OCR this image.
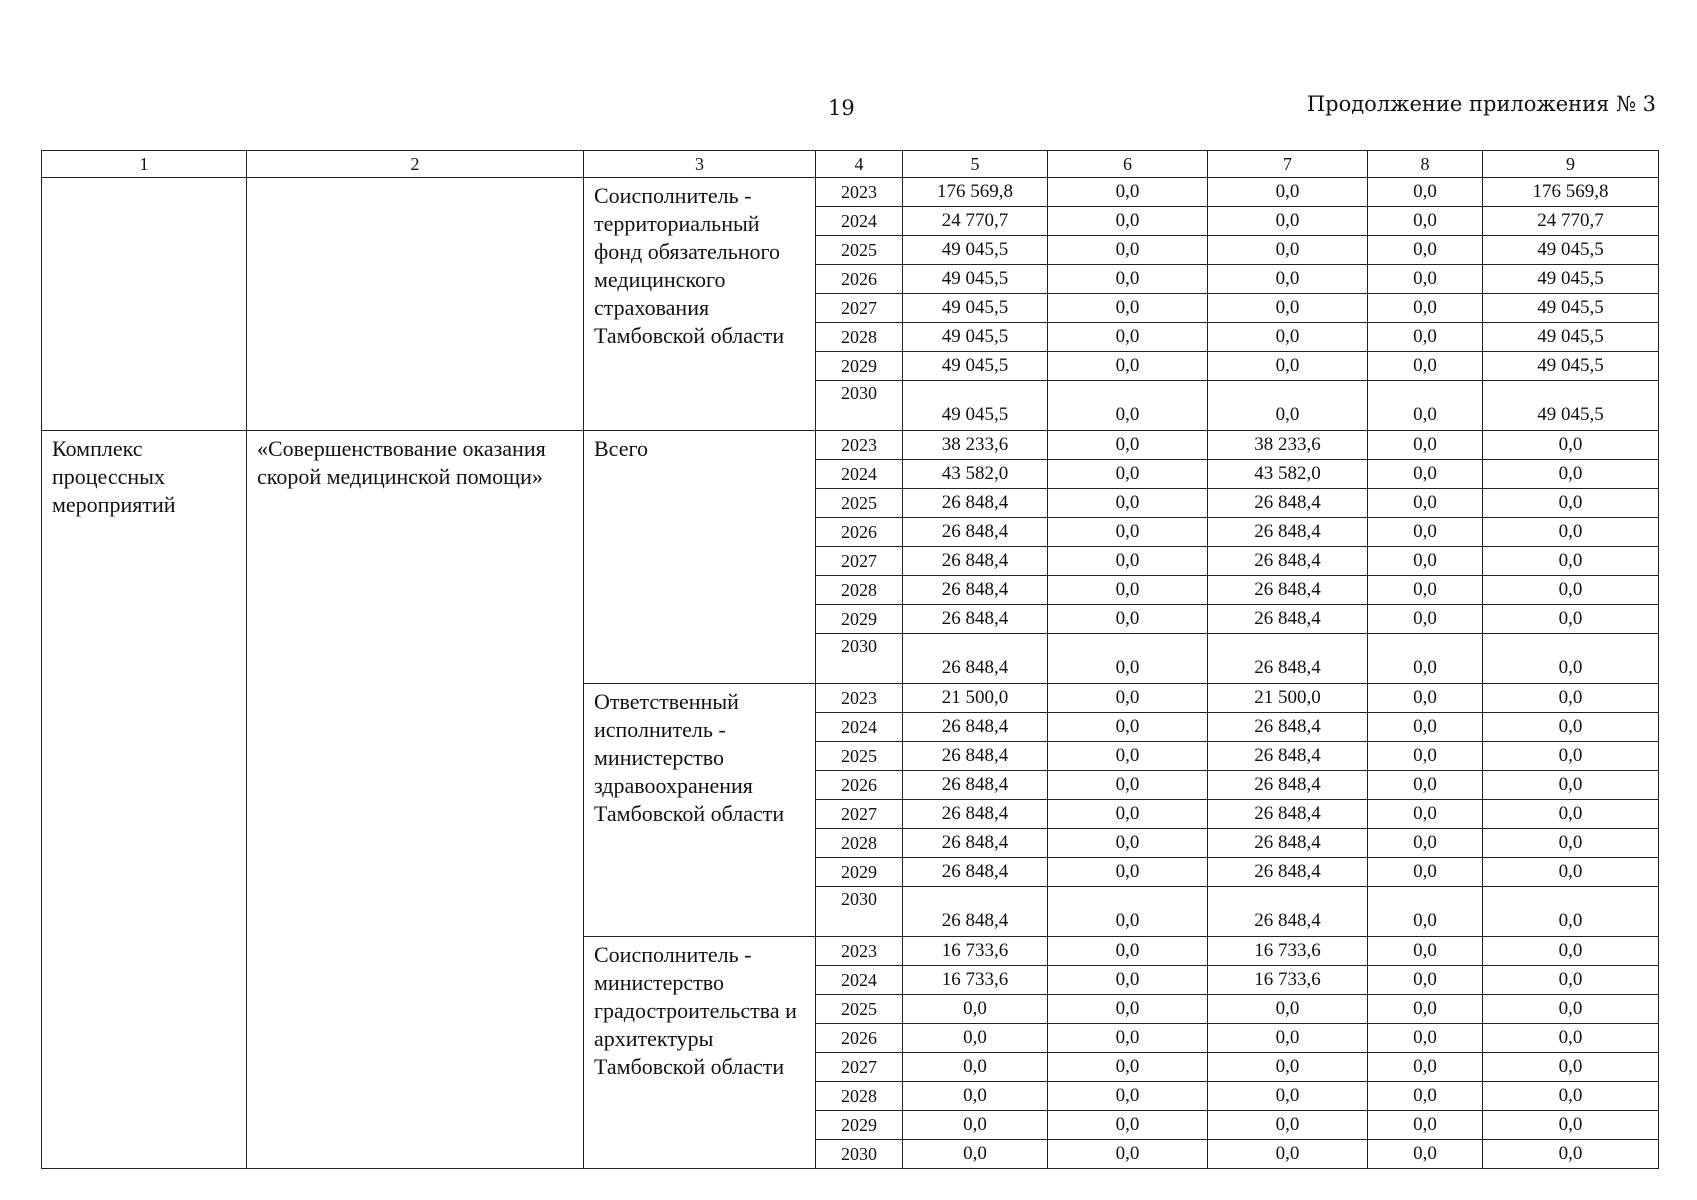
19	Продолжение приложения № 3
1	2	3	4	5	6	7	8	9
		Соисполнитель - территориальный фонд обязательного медицинского страхования Тамбовской области	2023	176 569,8	0,0	0,0	0,0	176 569,8
			2024	24 770,7	0,0	0,0	0,0	24 770,7
			2025	49 045,5	0,0	0,0	0,0	49 045,5
			2026	49 045,5	0,0	0,0	0,0	49 045,5
			2027	49 045,5	0,0	0,0	0,0	49 045,5
			2028	49 045,5	0,0	0,0	0,0	49 045,5
			2029	49 045,5	0,0	0,0	0,0	49 045,5
			2030	49 045,5	0,0	0,0	0,0	49 045,5
Комплекс процессных мероприятий	«Совершенствование оказания скорой медицинской помощи»	Всего	2023	38 233,6	0,0	38 233,6	0,0	0,0
			2024	43 582,0	0,0	43 582,0	0,0	0,0
			2025	26 848,4	0,0	26 848,4	0,0	0,0
			2026	26 848,4	0,0	26 848,4	0,0	0,0
			2027	26 848,4	0,0	26 848,4	0,0	0,0
			2028	26 848,4	0,0	26 848,4	0,0	0,0
			2029	26 848,4	0,0	26 848,4	0,0	0,0
			2030	26 848,4	0,0	26 848,4	0,0	0,0
		Ответственный исполнитель - министерство здравоохранения Тамбовской области	2023	21 500,0	0,0	21 500,0	0,0	0,0
			2024	26 848,4	0,0	26 848,4	0,0	0,0
			2025	26 848,4	0,0	26 848,4	0,0	0,0
			2026	26 848,4	0,0	26 848,4	0,0	0,0
			2027	26 848,4	0,0	26 848,4	0,0	0,0
			2028	26 848,4	0,0	26 848,4	0,0	0,0
			2029	26 848,4	0,0	26 848,4	0,0	0,0
			2030	26 848,4	0,0	26 848,4	0,0	0,0
		Соисполнитель - министерство градостроительства и архитектуры Тамбовской области	2023	16 733,6	0,0	16 733,6	0,0	0,0
			2024	16 733,6	0,0	16 733,6	0,0	0,0
			2025	0,0	0,0	0,0	0,0	0,0
			2026	0,0	0,0	0,0	0,0	0,0
			2027	0,0	0,0	0,0	0,0	0,0
			2028	0,0	0,0	0,0	0,0	0,0
			2029	0,0	0,0	0,0	0,0	0,0
			2030	0,0	0,0	0,0	0,0	0,0
